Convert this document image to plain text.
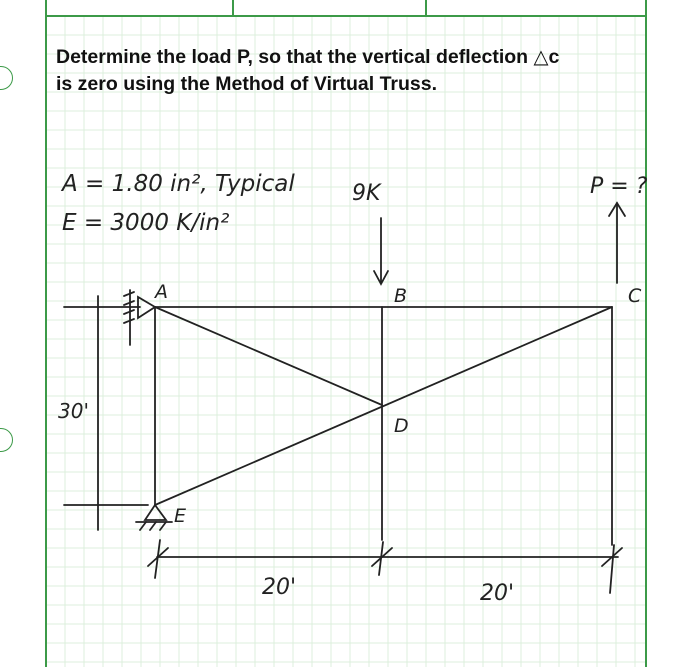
Determine the load P, so that the vertical deflection △c
is zero using the Method of Virtual Truss.
A = 1.80 in², Typical
E = 3000 K/in²
9K	P = ?
A	B	C
D
E
30'
20'	20'
